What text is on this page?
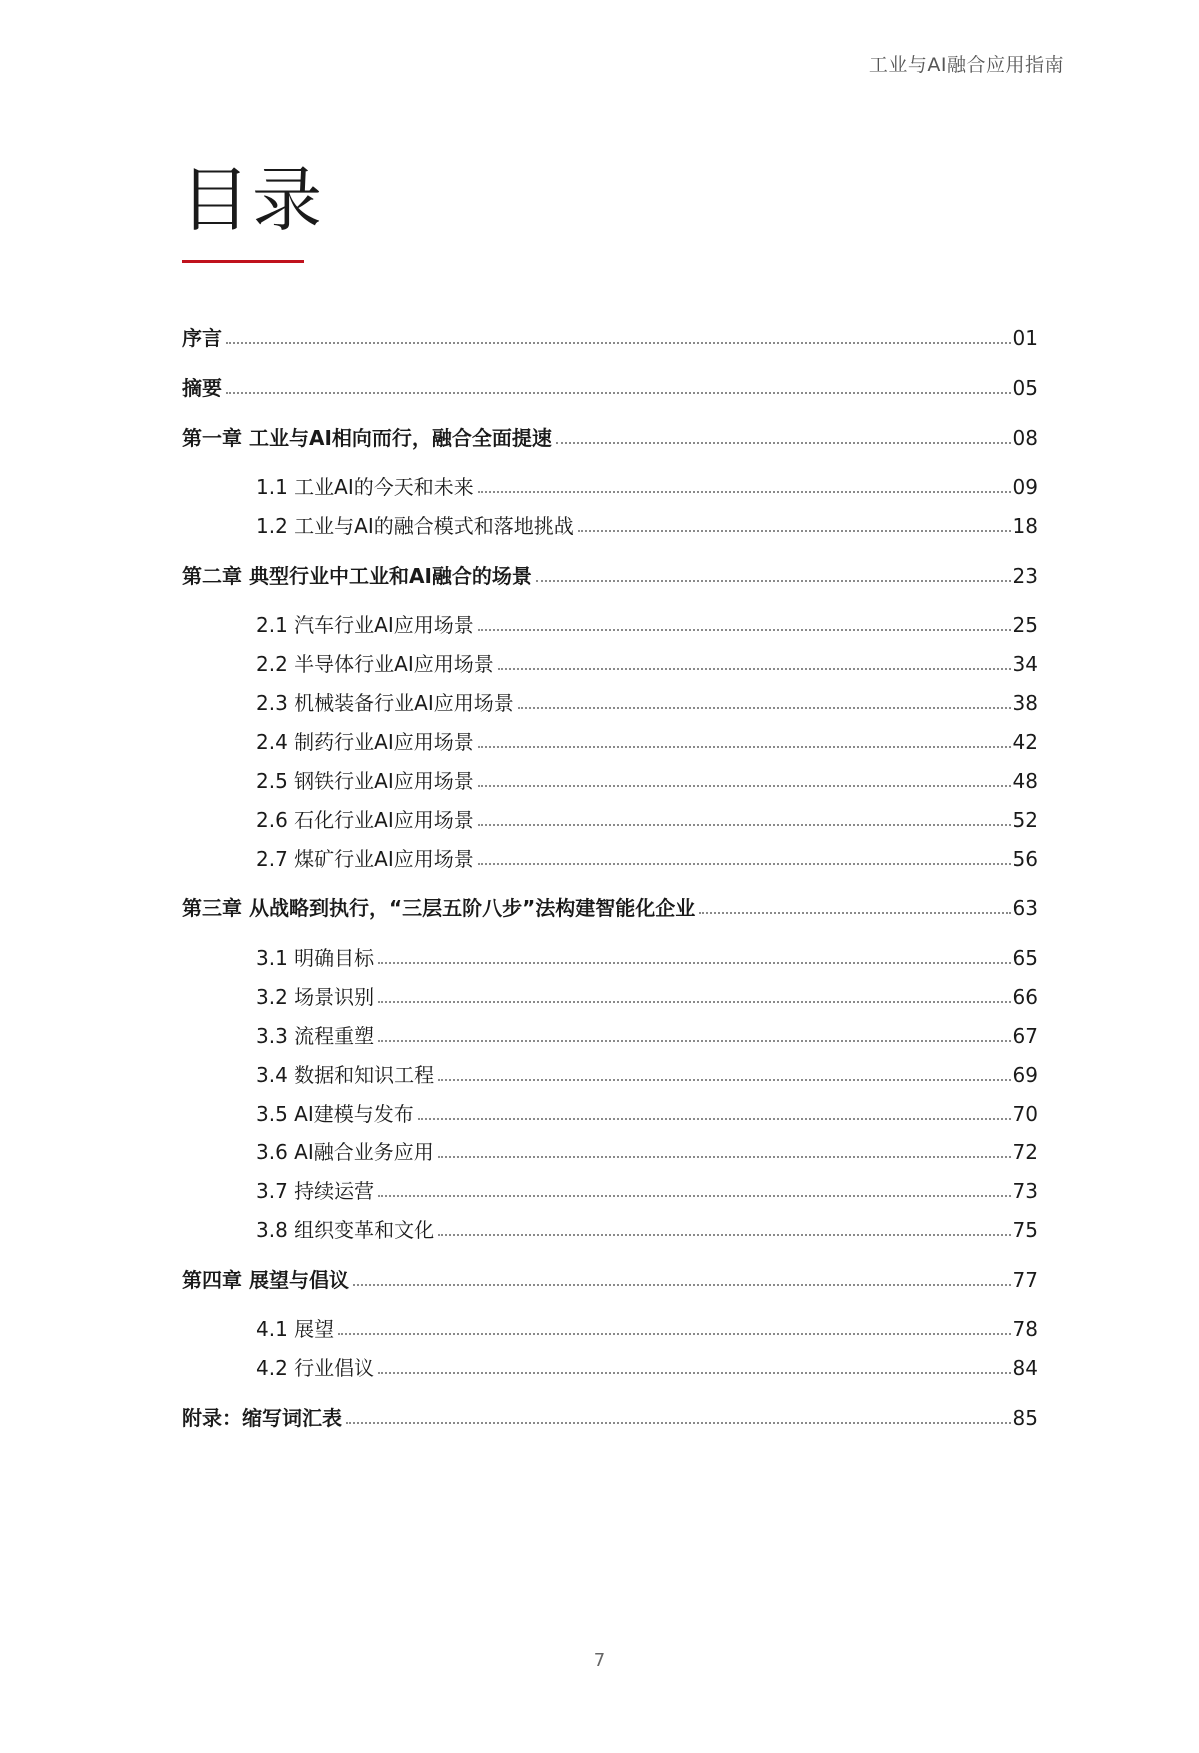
工业与AI融合应用指南
目录
序言	01
摘要	05
第一章 工业与AI相向而行，融合全面提速	08
1.1 工业AI的今天和未来	09
1.2 工业与AI的融合模式和落地挑战	18
第二章 典型行业中工业和AI融合的场景	23
2.1 汽车行业AI应用场景	25
2.2 半导体行业AI应用场景	34
2.3 机械装备行业AI应用场景	38
2.4 制药行业AI应用场景	42
2.5 钢铁行业AI应用场景	48
2.6 石化行业AI应用场景	52
2.7 煤矿行业AI应用场景	56
第三章 从战略到执行，“三层五阶八步”法构建智能化企业	63
3.1 明确目标	65
3.2 场景识别	66
3.3 流程重塑	67
3.4 数据和知识工程	69
3.5 AI建模与发布	70
3.6 AI融合业务应用	72
3.7 持续运营	73
3.8 组织变革和文化	75
第四章 展望与倡议	77
4.1 展望	78
4.2 行业倡议	84
附录：缩写词汇表	85
7
